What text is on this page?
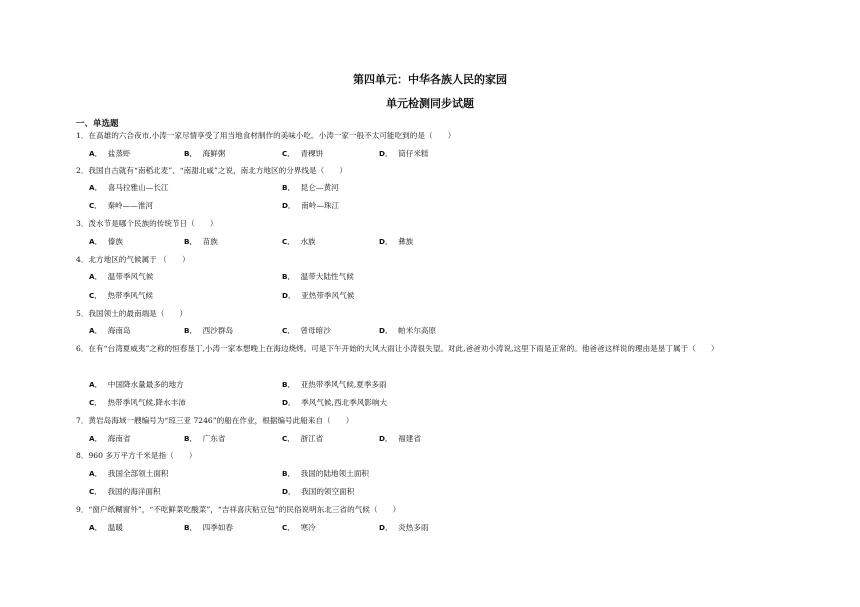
第四单元：中华各族人民的家园
单元检测同步试题
一、单选题
1．在高雄的六合夜市,小涛一家尽情享受了用当地食材制作的美味小吃。小涛一家一般不太可能吃到的是（　　）
A． 盐蒸虾	B． 海鲜粥	C． 青稞饼	D． 筒仔米糕
2．我国自古就有“南稻北麦”、“南甜北咸”之说，南北方地区的分界线是（　　）
A． 喜马拉雅山—长江	B． 昆仑—黄河
C． 秦岭——淮河	D． 南岭—珠江
3．泼水节是哪个民族的传统节日（　　）
A． 傣族	B． 苗族	C． 水族	D． 彝族
4．北方地区的气候属于 （　　）
A． 温带季风气候	B． 温带大陆性气候
C． 热带季风气候	D． 亚热带季风气候
5．我国领土的最南端是（　　）
A． 海南岛	B． 西沙群岛	C． 曾母暗沙	D． 帕米尔高原
6．在有“台湾夏威夷”之称的恒春垦丁,小涛一家本想晚上在海边烧烤。可是下午开始的大风大雨让小涛很失望。对此,爸爸劝小涛说,这里下雨是正常的。他爸爸这样说的理由是垦丁属于（　　）
A． 中国降水量最多的地方	B． 亚热带季风气候,夏季多雨
C． 热带季风气候,降水丰沛	D． 季风气候,西北季风影响大
7．黄岩岛海域一艘编号为“琼三亚 7246”的船在作业，根据编号此船来自（　　）
A． 海南省	B． 广东省	C． 浙江省	D． 福建省
8．960 多万平方千米是指（　　）
A． 我国全部领土面积	B． 我国的陆地领土面积
C． 我国的海洋面积	D． 我国的领空面积
9．“窗户纸糊窗外”，“不吃鲜菜吃酸菜”，“吉祥喜庆粘豆包”的民俗说明东北三省的气候（　　）
A． 温暖	B． 四季如春	C． 寒冷	D． 炎热多雨
